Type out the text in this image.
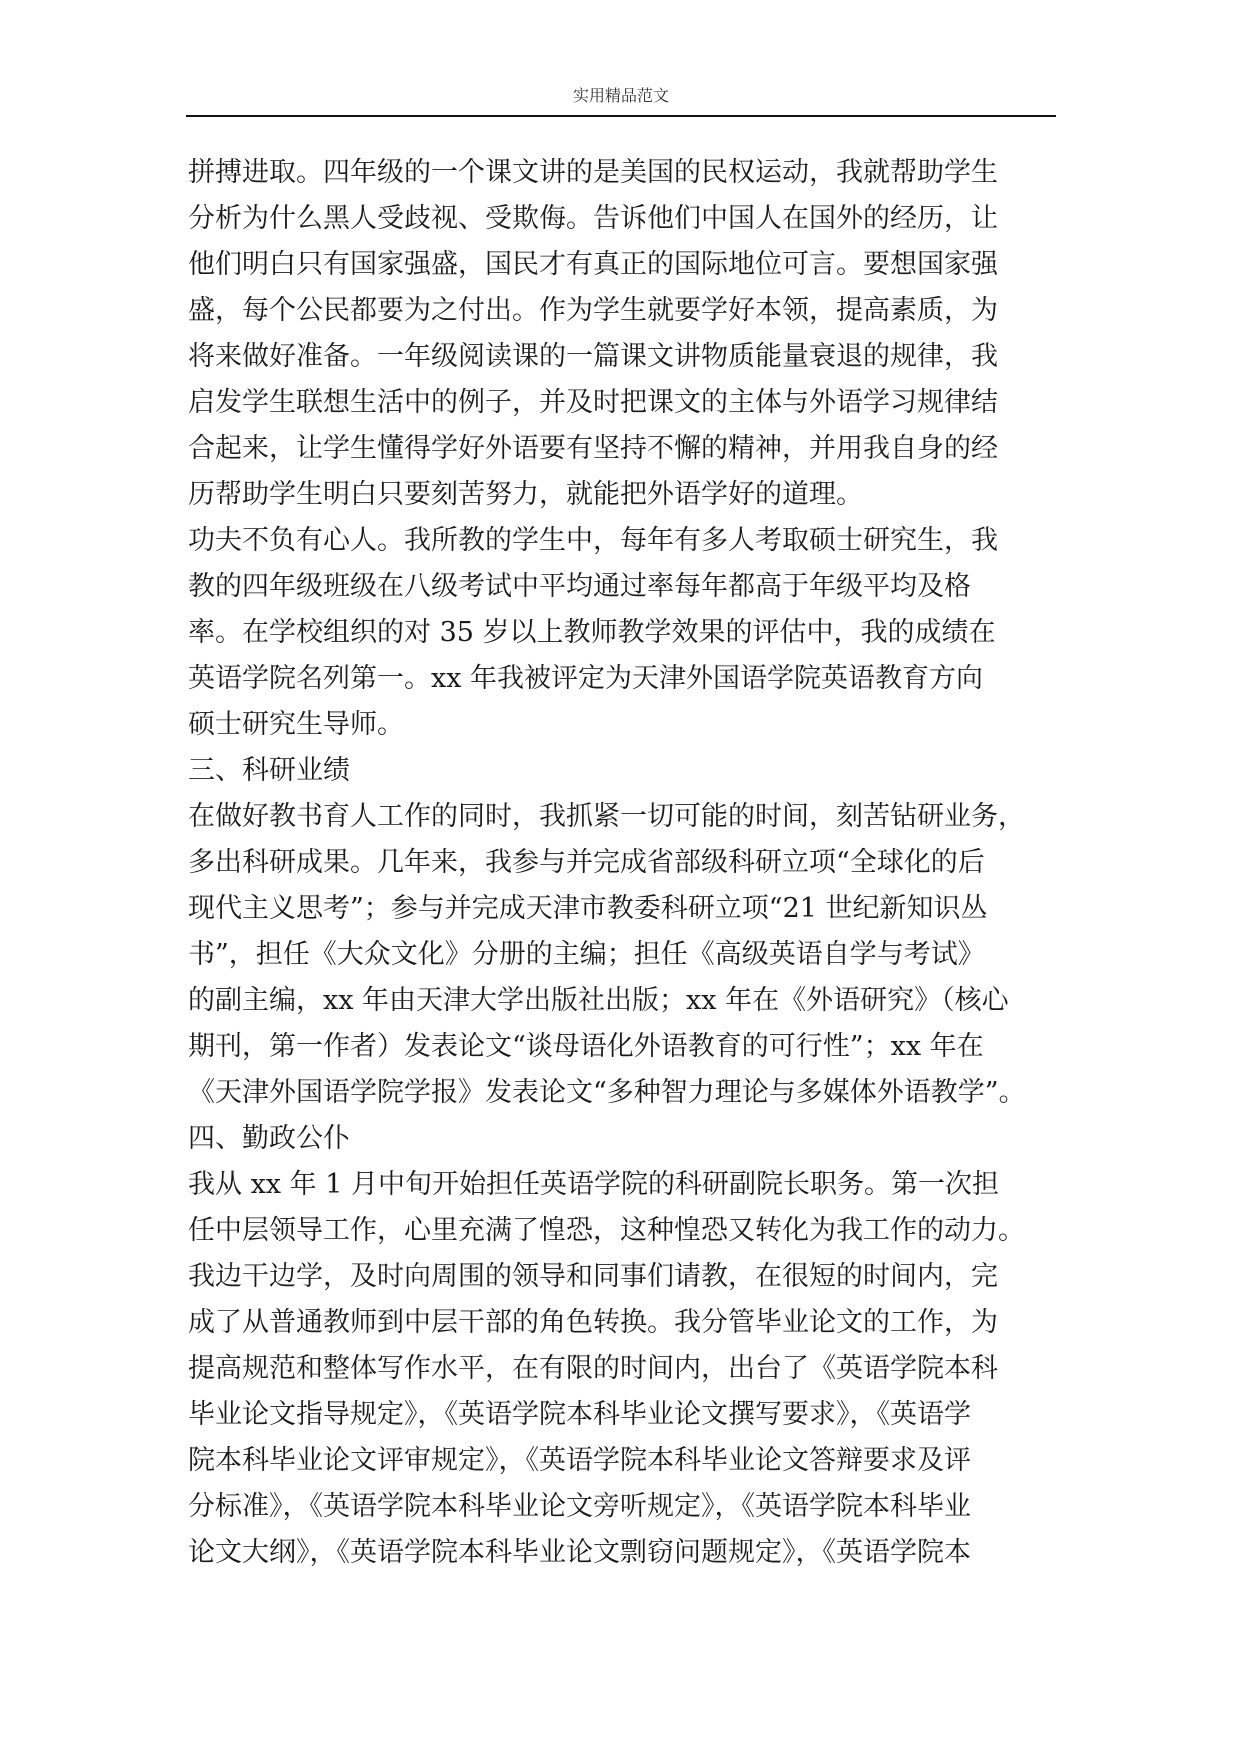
实用精品范文
拼搏进取。四年级的一个课文讲的是美国的民权运动，我就帮助学生
分析为什么黑人受歧视、受欺侮。告诉他们中国人在国外的经历，让
他们明白只有国家强盛，国民才有真正的国际地位可言。要想国家强
盛，每个公民都要为之付出。作为学生就要学好本领，提高素质，为
将来做好准备。一年级阅读课的一篇课文讲物质能量衰退的规律，我
启发学生联想生活中的例子，并及时把课文的主体与外语学习规律结
合起来，让学生懂得学好外语要有坚持不懈的精神，并用我自身的经
历帮助学生明白只要刻苦努力，就能把外语学好的道理。
功夫不负有心人。我所教的学生中，每年有多人考取硕士研究生，我
教的四年级班级在八级考试中平均通过率每年都高于年级平均及格
率。在学校组织的对 35 岁以上教师教学效果的评估中，我的成绩在
英语学院名列第一。xx 年我被评定为天津外国语学院英语教育方向
硕士研究生导师。
三、科研业绩
在做好教书育人工作的同时，我抓紧一切可能的时间，刻苦钻研业务，
多出科研成果。几年来，我参与并完成省部级科研立项“全球化的后
现代主义思考”；参与并完成天津市教委科研立项“21 世纪新知识丛
书”，担任《大众文化》分册的主编；担任《高级英语自学与考试》
的副主编，xx 年由天津大学出版社出版；xx 年在《外语研究》（核心
期刊，第一作者）发表论文“谈母语化外语教育的可行性”；xx 年在
《天津外国语学院学报》发表论文“多种智力理论与多媒体外语教学”。
四、勤政公仆
我从 xx 年 1 月中旬开始担任英语学院的科研副院长职务。第一次担
任中层领导工作，心里充满了惶恐，这种惶恐又转化为我工作的动力。
我边干边学，及时向周围的领导和同事们请教，在很短的时间内，完
成了从普通教师到中层干部的角色转换。我分管毕业论文的工作，为
提高规范和整体写作水平，在有限的时间内，出台了《英语学院本科
毕业论文指导规定》，《英语学院本科毕业论文撰写要求》，《英语学
院本科毕业论文评审规定》，《英语学院本科毕业论文答辩要求及评
分标准》，《英语学院本科毕业论文旁听规定》，《英语学院本科毕业
论文大纲》，《英语学院本科毕业论文剽窃问题规定》，《英语学院本
